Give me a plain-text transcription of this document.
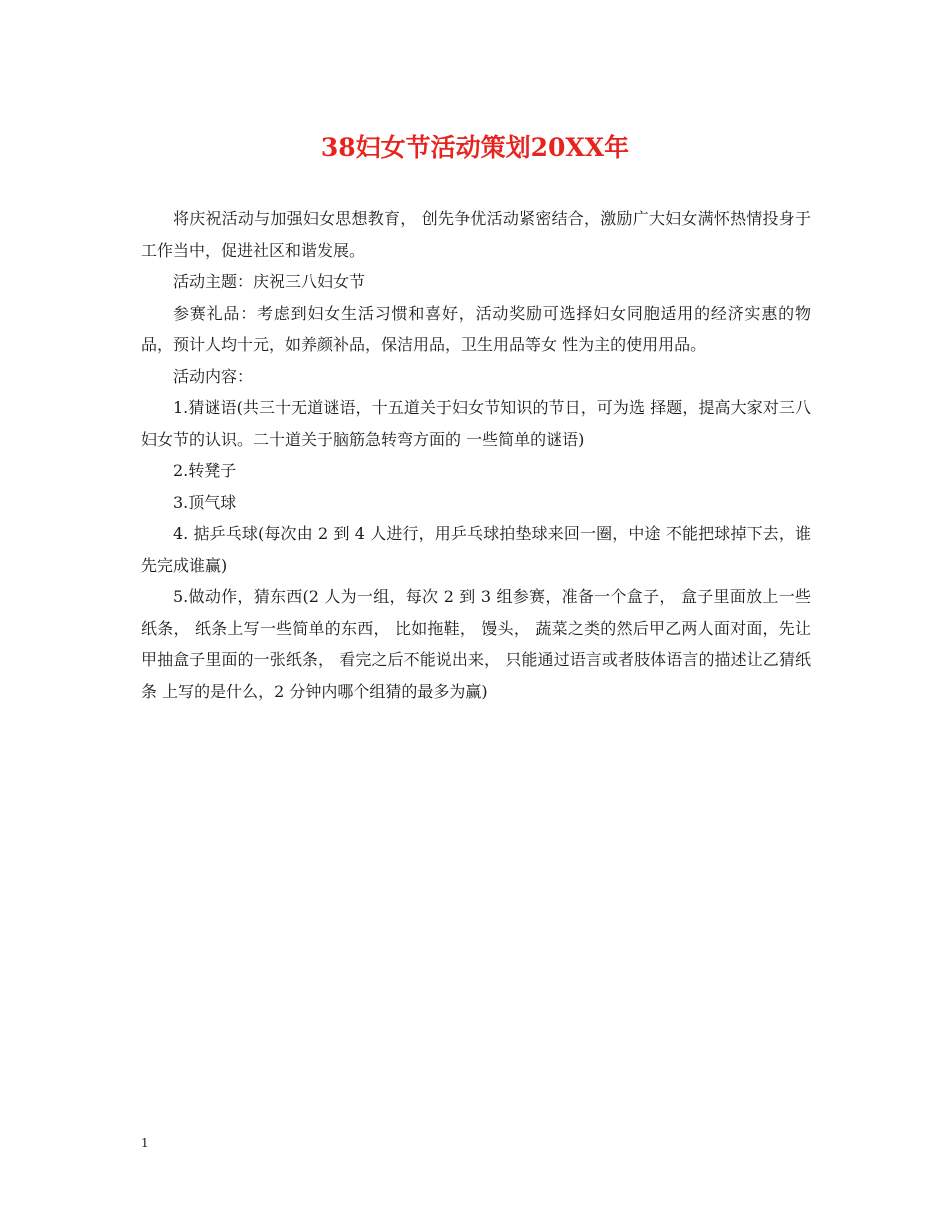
38妇女节活动策划20XX年

将庆祝活动与加强妇女思想教育， 创先争优活动紧密结合，激励广大妇女满怀热情投身于工作当中，促进社区和谐发展。

活动主题：庆祝三八妇女节

参赛礼品：考虑到妇女生活习惯和喜好，活动奖励可选择妇女同胞适用的经济实惠的物品，预计人均十元，如养颜补品，保洁用品，卫生用品等女 性为主的使用用品。

活动内容：

1.猜谜语(共三十无道谜语，十五道关于妇女节知识的节日，可为选 择题，提高大家对三八妇女节的认识。二十道关于脑筋急转弯方面的 一些简单的谜语)

2.转凳子

3.顶气球

4. 掂乒乓球(每次由 2 到 4 人进行，用乒乓球拍垫球来回一圈，中途 不能把球掉下去，谁先完成谁赢)

5.做动作，猜东西(2 人为一组，每次 2 到 3 组参赛，准备一个盒子， 盒子里面放上一些纸条， 纸条上写一些简单的东西， 比如拖鞋， 馒头， 蔬菜之类的然后甲乙两人面对面，先让甲抽盒子里面的一张纸条， 看完之后不能说出来， 只能通过语言或者肢体语言的描述让乙猜纸条 上写的是什么，2 分钟内哪个组猜的最多为赢)

1
